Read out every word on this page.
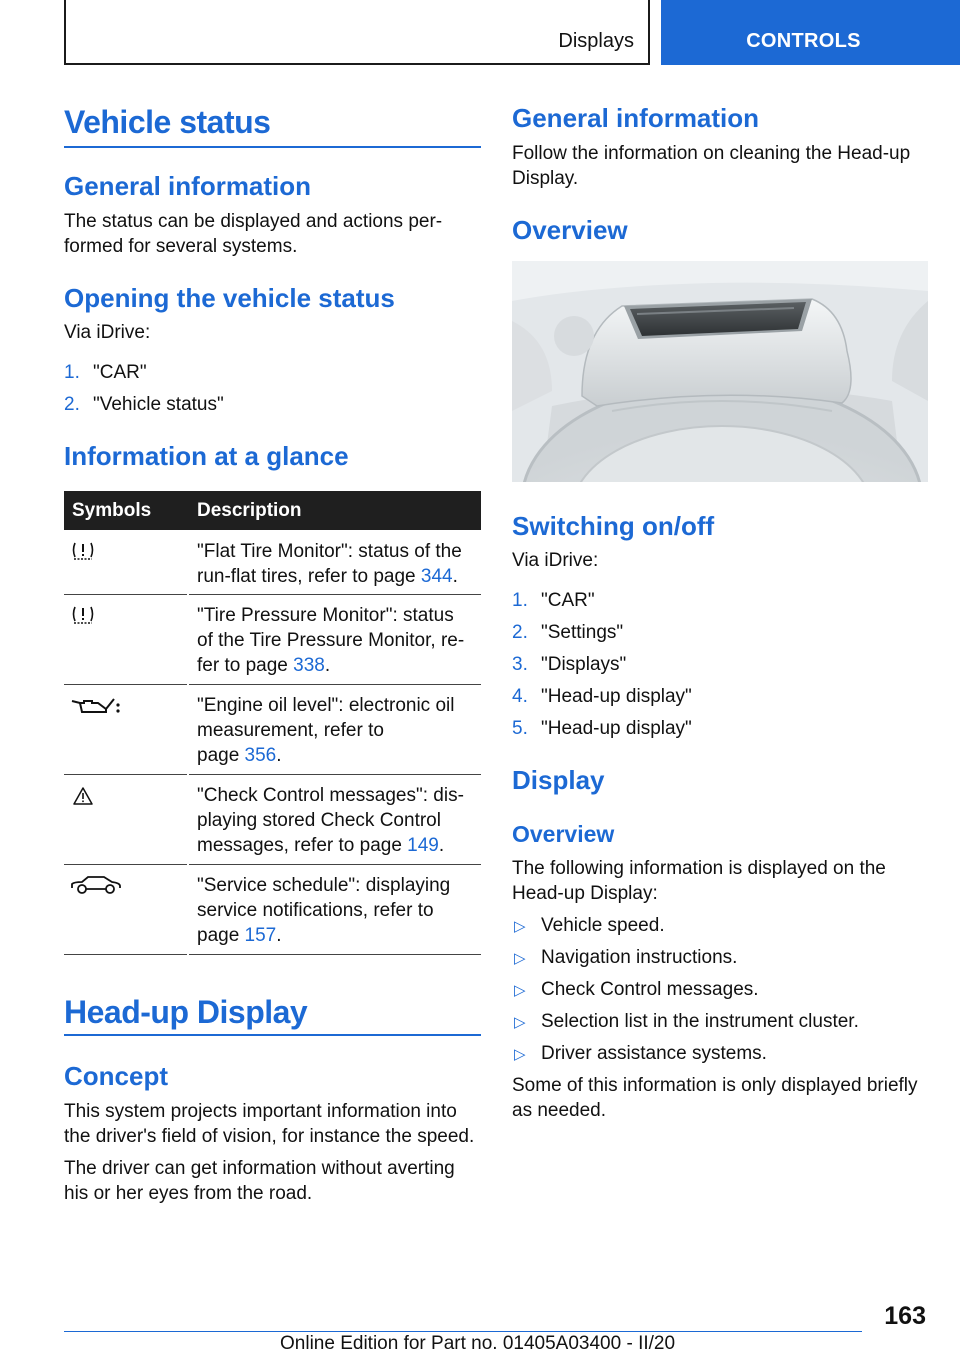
Displays	CONTROLS
Vehicle status
General information
The status can be displayed and actions per-
formed for several systems.
Opening the vehicle status
Via iDrive:
1. "CAR"
2. "Vehicle status"
Information at a glance
Symbols Description
"Flat Tire Monitor": status of the
run-flat tires, refer to page 344.
"Tire Pressure Monitor": status
of the Tire Pressure Monitor, re-
fer to page 338.
"Engine oil level": electronic oil
measurement, refer to
page 356.
"Check Control messages": dis-
playing stored Check Control
messages, refer to page 149.
"Service schedule": displaying
service notifications, refer to
page 157.
Head-up Display
Concept
This system projects important information into
the driver's field of vision, for instance the speed.
The driver can get information without averting
his or her eyes from the road.
General information
Follow the information on cleaning the Head-up
Display.
Overview
Switching on/off
Via iDrive:
1. "CAR"
2. "Settings"
3. "Displays"
4. "Head-up display"
5. "Head-up display"
Display
Overview
The following information is displayed on the
Head-up Display:
▷ Vehicle speed.
▷ Navigation instructions.
▷ Check Control messages.
▷ Selection list in the instrument cluster.
▷ Driver assistance systems.
Some of this information is only displayed briefly
as needed.
163
Online Edition for Part no. 01405A03400 - II/20
